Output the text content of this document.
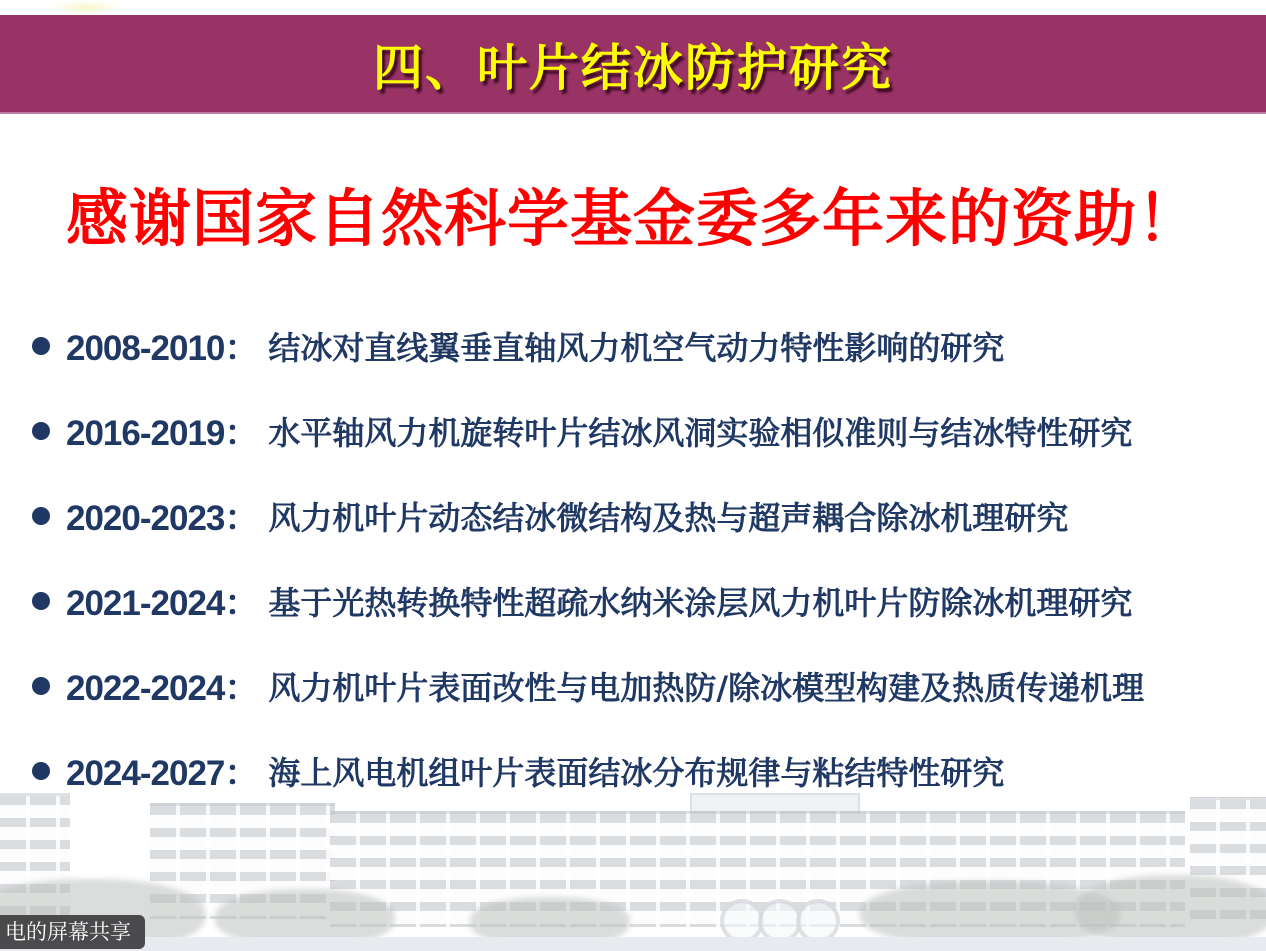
四、叶片结冰防护研究
感谢国家自然科学基金委多年来的资助！
2008-2010： 结冰对直线翼垂直轴风力机空气动力特性影响的研究
2016-2019： 水平轴风力机旋转叶片结冰风洞实验相似准则与结冰特性研究
2020-2023： 风力机叶片动态结冰微结构及热与超声耦合除冰机理研究
2021-2024： 基于光热转换特性超疏水纳米涂层风力机叶片防除冰机理研究
2022-2024： 风力机叶片表面改性与电加热防/除冰模型构建及热质传递机理
2024-2027： 海上风电机组叶片表面结冰分布规律与粘结特性研究
电的屏幕共享
